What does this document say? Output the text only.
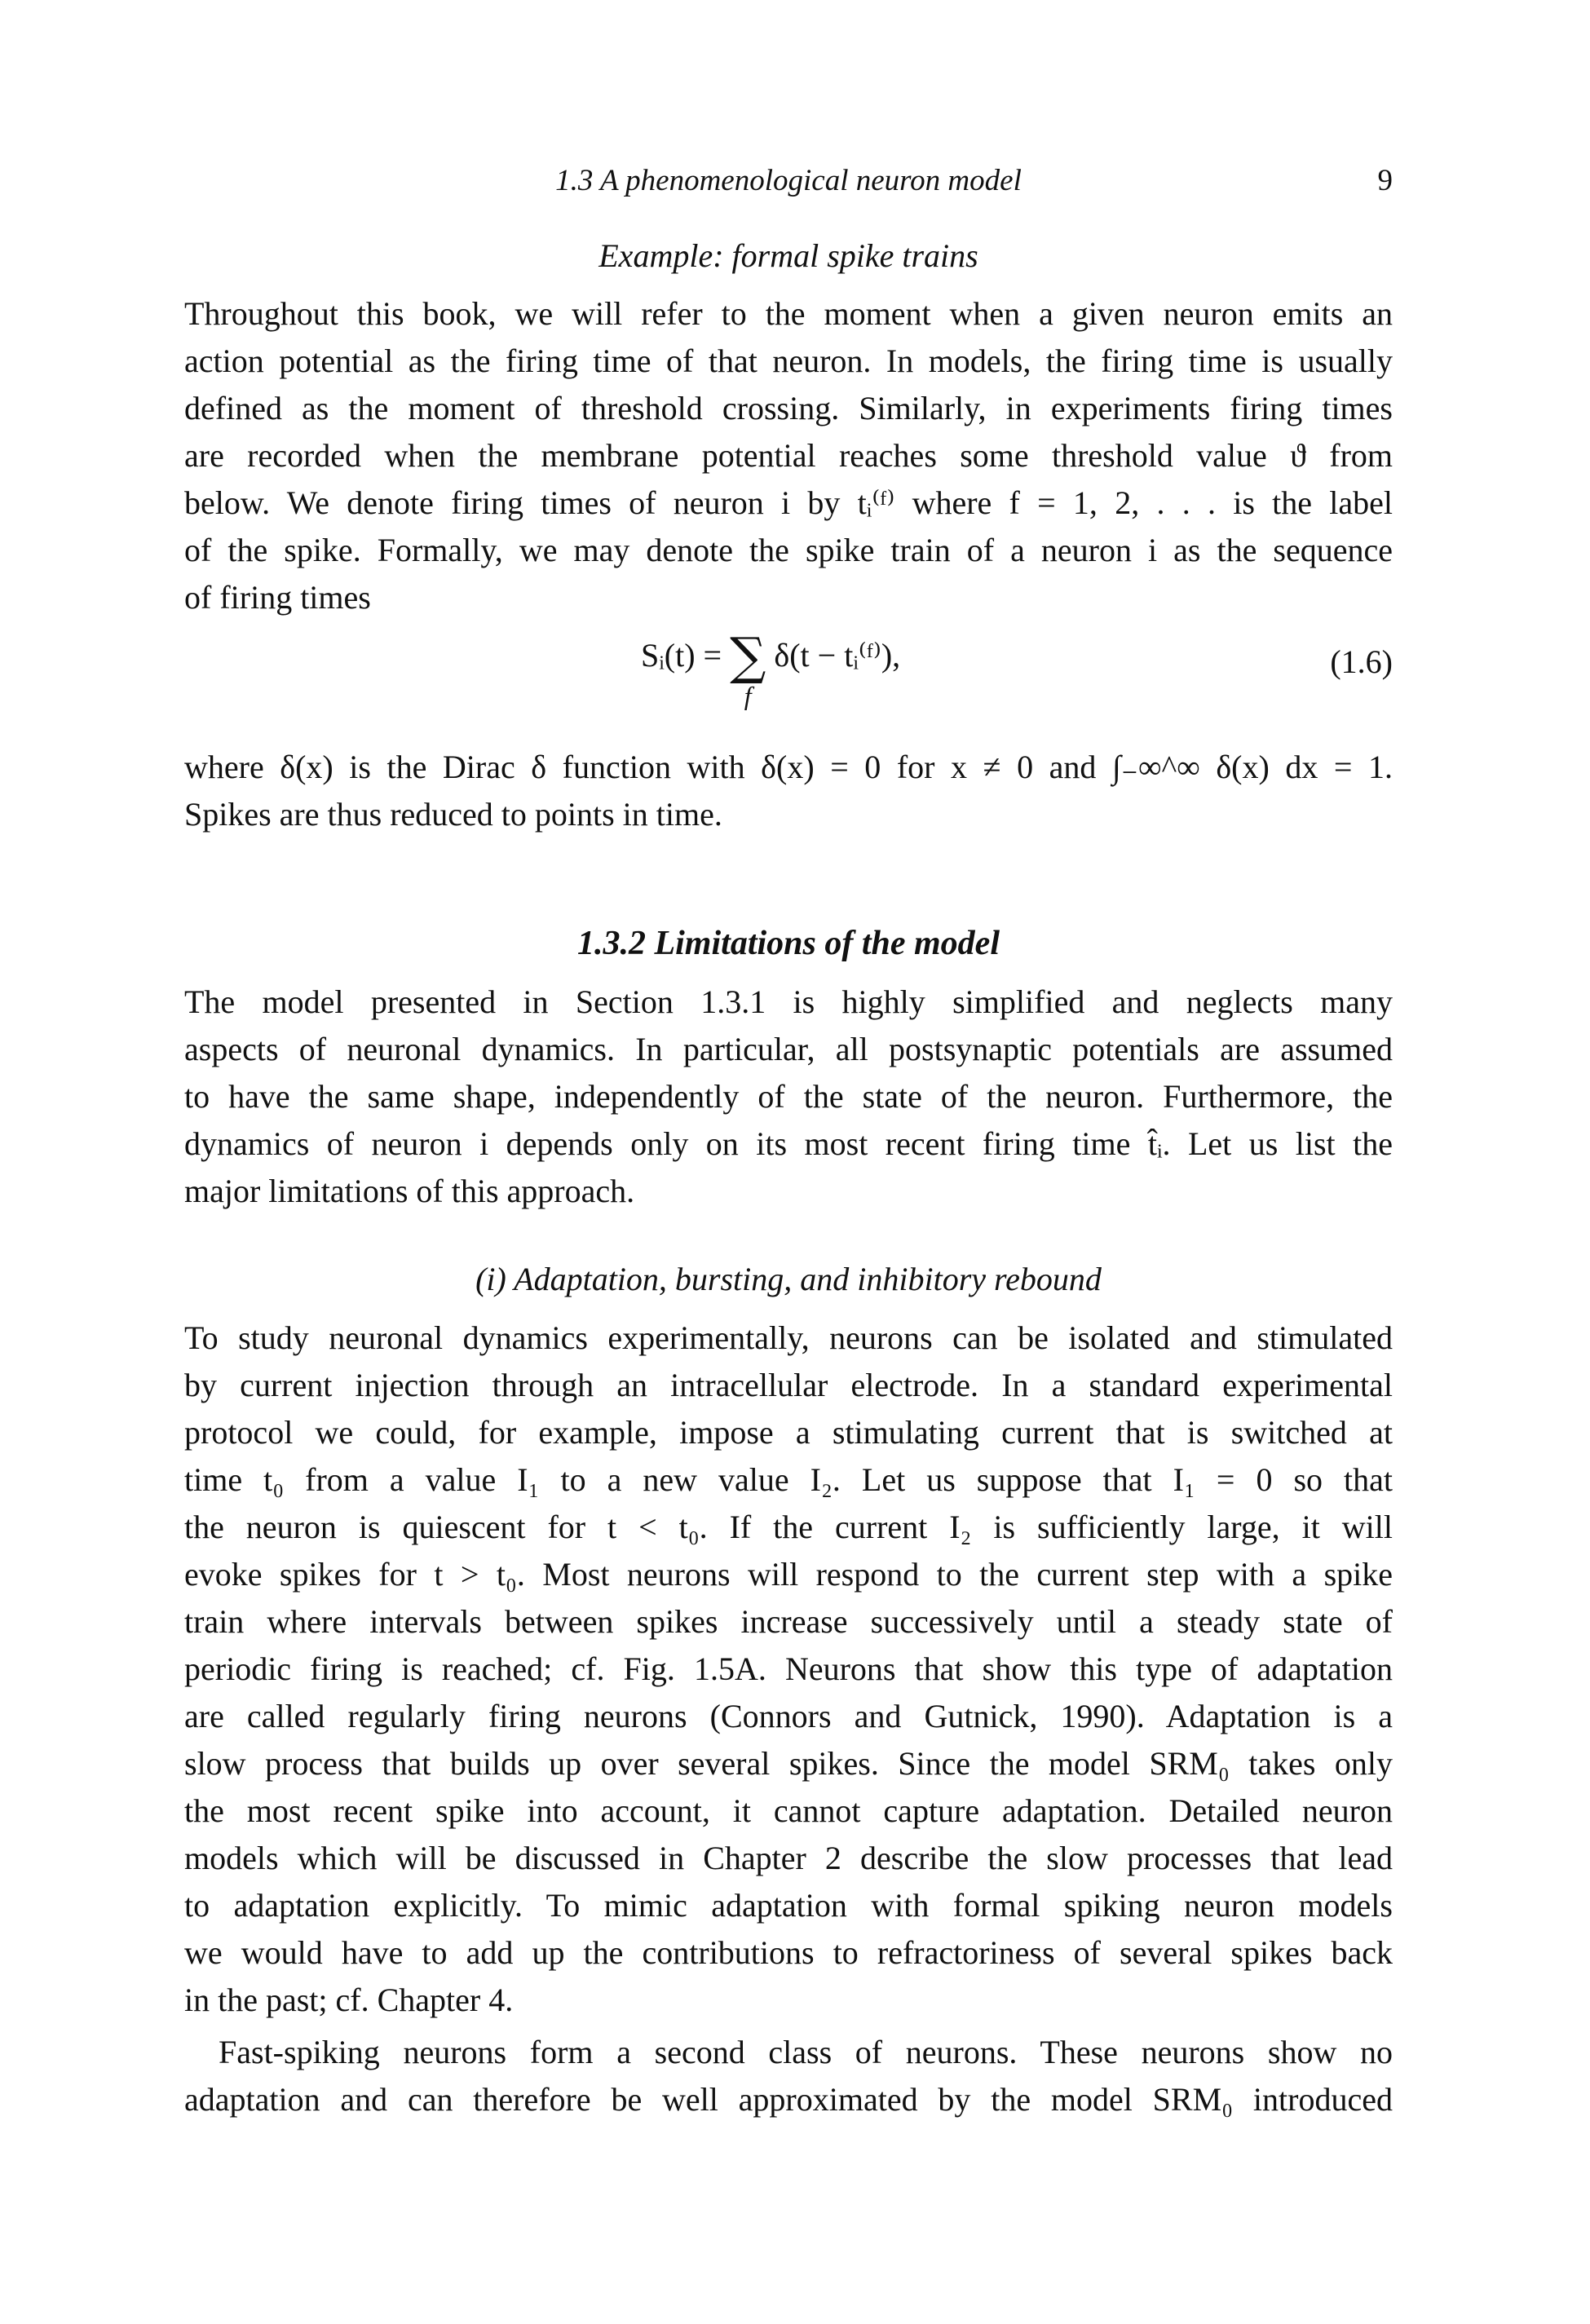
1.3 A phenomenological neuron model	9
Example: formal spike trains
Throughout this book, we will refer to the moment when a given neuron emits an
action potential as the firing time of that neuron. In models, the firing time is usually
defined as the moment of threshold crossing. Similarly, in experiments firing times
are recorded when the membrane potential reaches some threshold value ϑ from
below. We denote firing times of neuron i by tᵢ⁽ᶠ⁾ where f = 1, 2, . . . is the label
of the spike. Formally, we may denote the spike train of a neuron i as the sequence
of firing times
Sᵢ(t) = ∑
f
δ(t − tᵢ⁽ᶠ⁾),	(1.6)
where δ(x) is the Dirac δ function with δ(x) = 0 for x ≠ 0 and ∫₋∞^∞ δ(x) dx = 1.
Spikes are thus reduced to points in time.
1.3.2 Limitations of the model
The model presented in Section 1.3.1 is highly simplified and neglects many
aspects of neuronal dynamics. In particular, all postsynaptic potentials are assumed
to have the same shape, independently of the state of the neuron. Furthermore, the
dynamics of neuron i depends only on its most recent firing time t̂ᵢ. Let us list the
major limitations of this approach.
(i) Adaptation, bursting, and inhibitory rebound
To study neuronal dynamics experimentally, neurons can be isolated and stimulated
by current injection through an intracellular electrode. In a standard experimental
protocol we could, for example, impose a stimulating current that is switched at
time t₀ from a value I₁ to a new value I₂. Let us suppose that I₁ = 0 so that
the neuron is quiescent for t < t₀. If the current I₂ is sufficiently large, it will
evoke spikes for t > t₀. Most neurons will respond to the current step with a spike
train where intervals between spikes increase successively until a steady state of
periodic firing is reached; cf. Fig. 1.5A. Neurons that show this type of adaptation
are called regularly firing neurons (Connors and Gutnick, 1990). Adaptation is a
slow process that builds up over several spikes. Since the model SRM₀ takes only
the most recent spike into account, it cannot capture adaptation. Detailed neuron
models which will be discussed in Chapter 2 describe the slow processes that lead
to adaptation explicitly. To mimic adaptation with formal spiking neuron models
we would have to add up the contributions to refractoriness of several spikes back
in the past; cf. Chapter 4.
Fast-spiking neurons form a second class of neurons. These neurons show no
adaptation and can therefore be well approximated by the model SRM₀ introduced
